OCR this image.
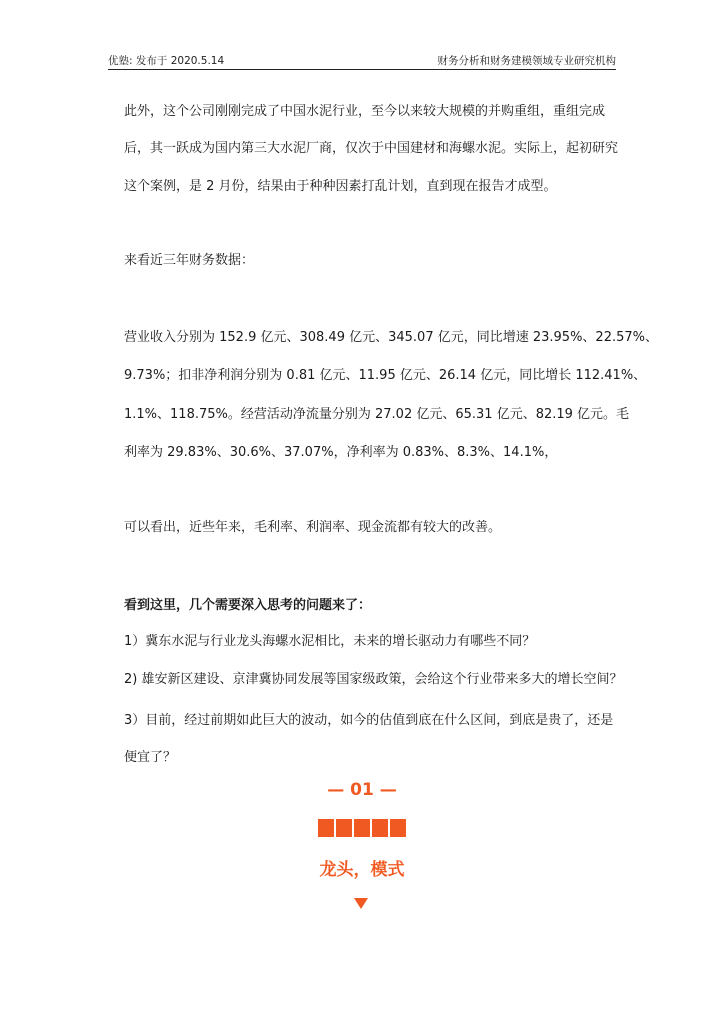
优塾: 发布于 2020.5.14	财务分析和财务建模领域专业研究机构
此外，这个公司刚刚完成了中国水泥行业，至今以来较大规模的并购重组，重组完成
后，其一跃成为国内第三大水泥厂商，仅次于中国建材和海螺水泥。实际上，起初研究
这个案例，是 2 月份，结果由于种种因素打乱计划，直到现在报告才成型。
来看近三年财务数据：
营业收入分别为 152.9 亿元、308.49 亿元、345.07 亿元，同比增速 23.95%、22.57%、
9.73%；扣非净利润分别为 0.81 亿元、11.95 亿元、26.14 亿元，同比增长 112.41%、
1.1%、118.75%。经营活动净流量分别为 27.02 亿元、65.31 亿元、82.19 亿元。毛
利率为 29.83%、30.6%、37.07%，净利率为 0.83%、8.3%、14.1%，
可以看出，近些年来，毛利率、利润率、现金流都有较大的改善。
看到这里，几个需要深入思考的问题来了：
1）冀东水泥与行业龙头海螺水泥相比，未来的增长驱动力有哪些不同？
2) 雄安新区建设、京津冀协同发展等国家级政策，会给这个行业带来多大的增长空间？
3）目前，经过前期如此巨大的波动，如今的估值到底在什么区间，到底是贵了，还是
便宜了？
— 01 —
龙头，模式
